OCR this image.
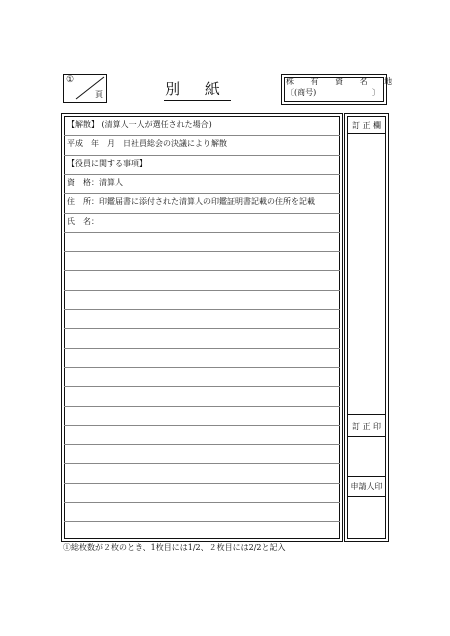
①
頁	別 紙	株 有 資 名 地
〔(商号)	〕
【解散】 (清算人一人が選任された場合)
平成　年　月　日社員総会の決議により解散
【役員に関する事項】
資　格：清算人
住　所：印鑑届書に添付された清算人の印鑑証明書記載の住所を記載
氏　名：
訂 正 欄
訂 正 印
申請人印
①総枚数が２枚のとき、1枚目には1/2、２枚目には2/2と記入
